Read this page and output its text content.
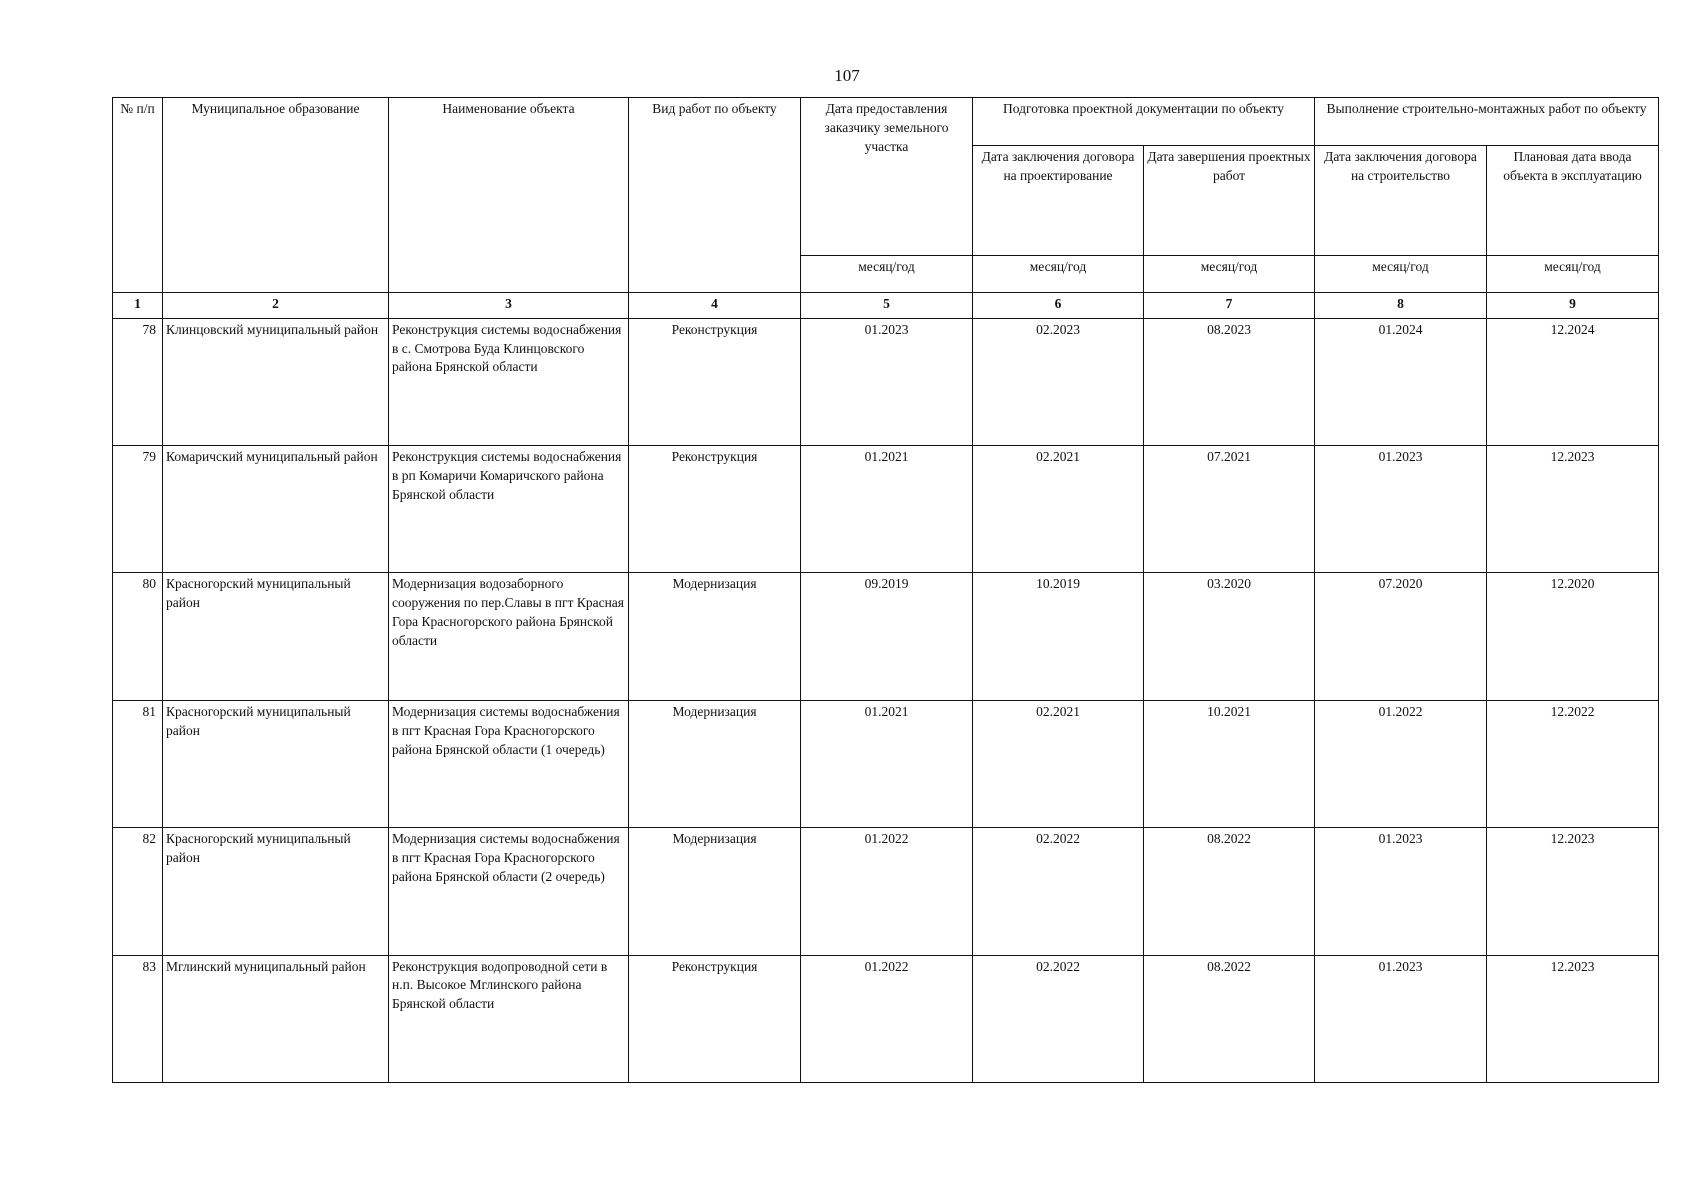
107
№ п/п	Муниципальное образование	Наименование объекта	Вид работ по объекту	Дата предоставления заказчику земельного участка	Подготовка проектной документации по объекту		Выполнение строительно-монтажных работ по объекту	
					Дата заключения договора на проектирование	Дата завершения проектных работ	Дата заключения договора на строительство	Плановая дата ввода объекта в эксплуатацию
				месяц/год	месяц/год	месяц/год	месяц/год	месяц/год
1	2	3	4	5	6	7	8	9
78	Клинцовский муниципальный район	Реконструкция системы водоснабжения в с. Смотрова Буда Клинцовского района Брянской области	Реконструкция	01.2023	02.2023	08.2023	01.2024	12.2024
79	Комаричский муниципальный район	Реконструкция системы водоснабжения в рп Комаричи Комаричского района Брянской области	Реконструкция	01.2021	02.2021	07.2021	01.2023	12.2023
80	Красногорский муниципальный район	Модернизация водозаборного сооружения по пер.Славы в пгт Красная Гора Красногорского района Брянской области	Модернизация	09.2019	10.2019	03.2020	07.2020	12.2020
81	Красногорский муниципальный район	Модернизация системы водоснабжения в пгт Красная Гора Красногорского района Брянской области (1 очередь)	Модернизация	01.2021	02.2021	10.2021	01.2022	12.2022
82	Красногорский муниципальный район	Модернизация системы водоснабжения в пгт Красная Гора Красногорского района Брянской области (2 очередь)	Модернизация	01.2022	02.2022	08.2022	01.2023	12.2023
83	Мглинский муниципальный район	Реконструкция водопроводной сети в н.п. Высокое Мглинского района Брянской области	Реконструкция	01.2022	02.2022	08.2022	01.2023	12.2023
